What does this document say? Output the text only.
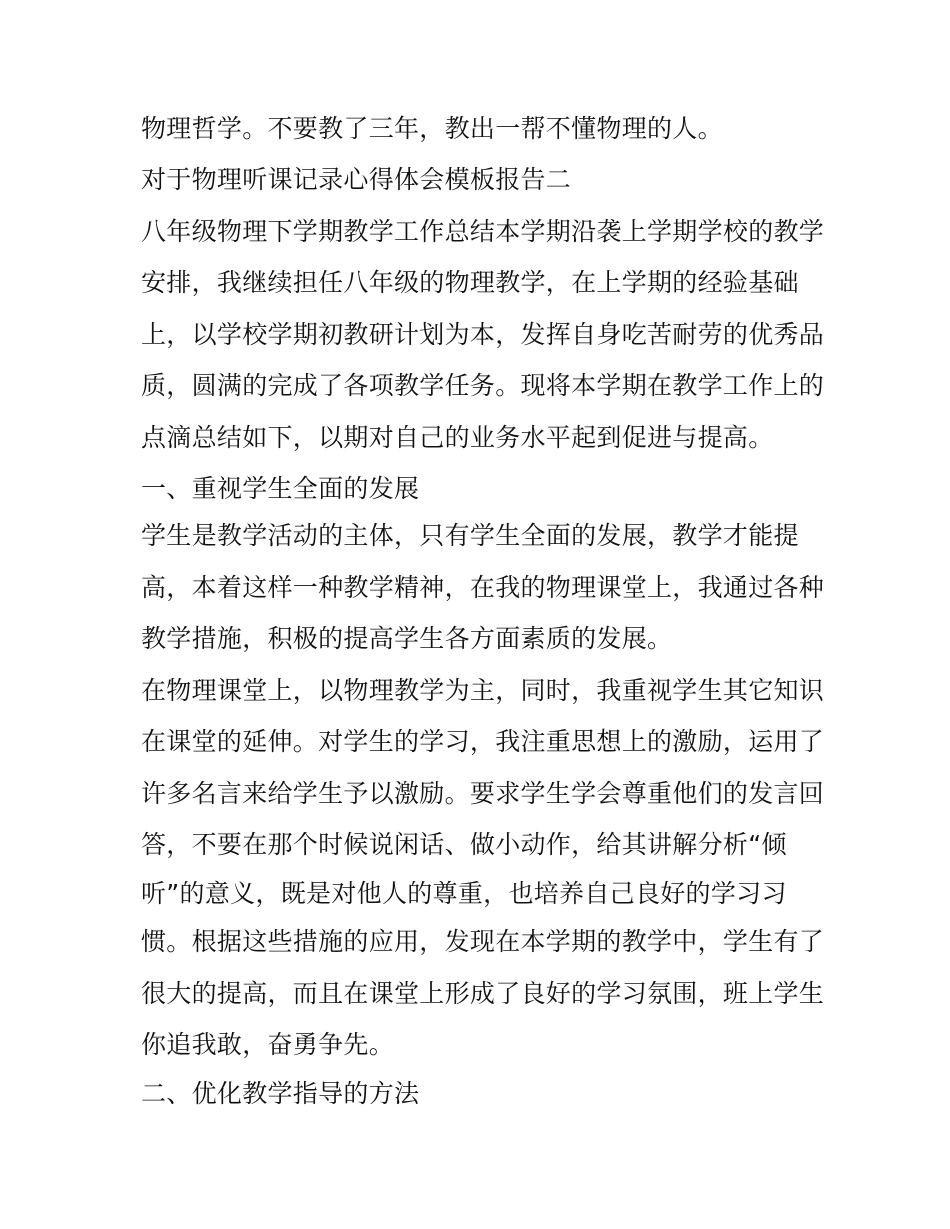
物理哲学。不要教了三年，教出一帮不懂物理的人。
对于物理听课记录心得体会模板报告二
八年级物理下学期教学工作总结本学期沿袭上学期学校的教学
安排，我继续担任八年级的物理教学，在上学期的经验基础
上，以学校学期初教研计划为本，发挥自身吃苦耐劳的优秀品
质，圆满的完成了各项教学任务。现将本学期在教学工作上的
点滴总结如下，以期对自己的业务水平起到促进与提高。
一、重视学生全面的发展
学生是教学活动的主体，只有学生全面的发展，教学才能提
高，本着这样一种教学精神，在我的物理课堂上，我通过各种
教学措施，积极的提高学生各方面素质的发展。
在物理课堂上，以物理教学为主，同时，我重视学生其它知识
在课堂的延伸。对学生的学习，我注重思想上的激励，运用了
许多名言来给学生予以激励。要求学生学会尊重他们的发言回
答，不要在那个时候说闲话、做小动作，给其讲解分析“倾
听”的意义，既是对他人的尊重，也培养自己良好的学习习
惯。根据这些措施的应用，发现在本学期的教学中，学生有了
很大的提高，而且在课堂上形成了良好的学习氛围，班上学生
你追我敢，奋勇争先。
二、优化教学指导的方法
